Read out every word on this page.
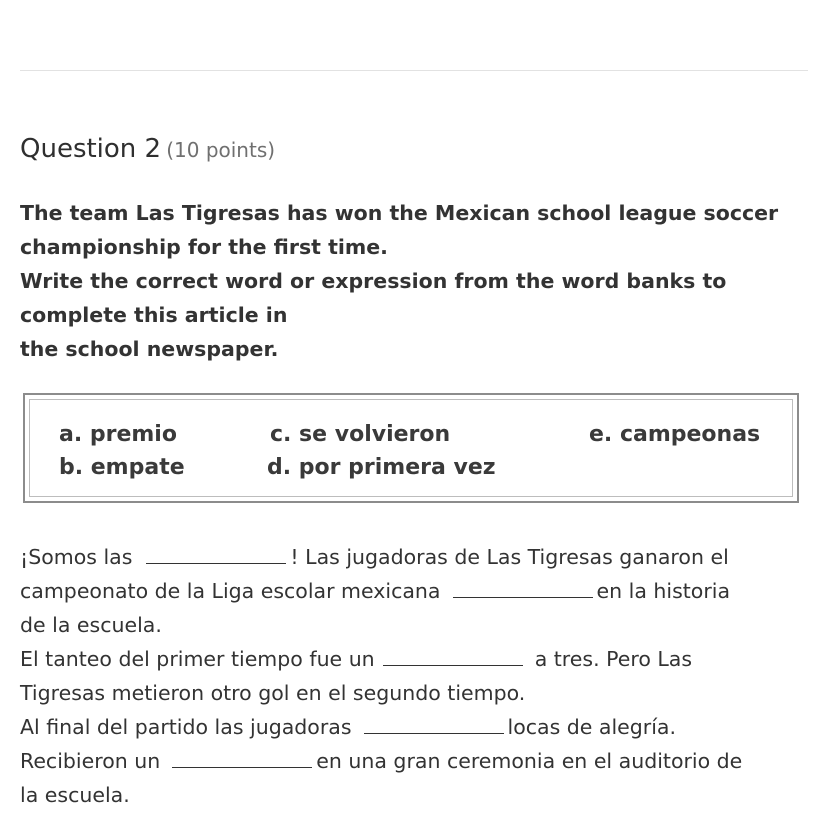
Question 2 (10 points)
The team Las Tigresas has won the Mexican school league soccer
championship for the first time.
Write the correct word or expression from the word banks to
complete this article in
the school newspaper.
a. premio
b. empate
c. se volvieron
d. por primera vez
e. campeonas
¡Somos las	! Las jugadoras de Las Tigresas ganaron el
campeonato de la Liga escolar mexicana	en la historia
de la escuela.
El tanteo del primer tiempo fue un	a tres. Pero Las
Tigresas metieron otro gol en el segundo tiempo.
Al final del partido las jugadoras	locas de alegría.
Recibieron un	en una gran ceremonia en el auditorio de
la escuela.
